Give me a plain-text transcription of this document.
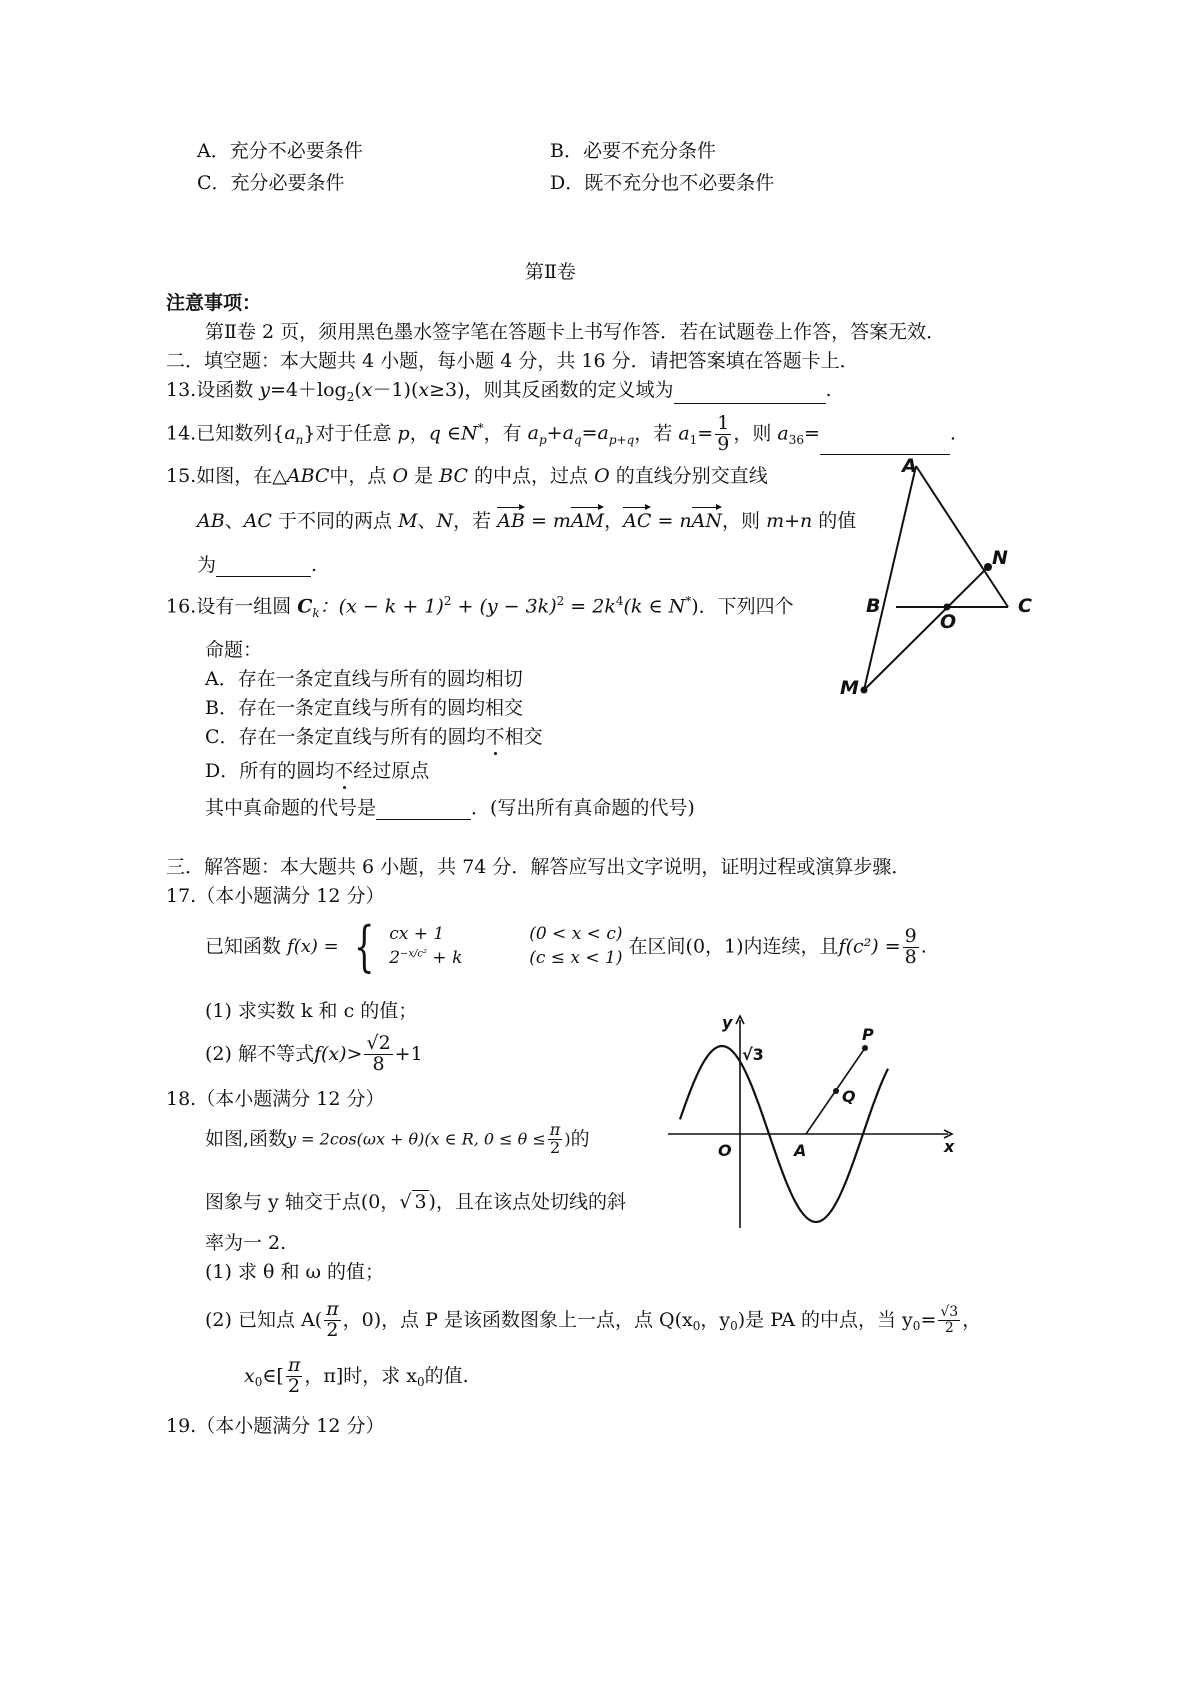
A．充分不必要条件	B．必要不充分条件
C．充分必要条件	D．既不充分也不必要条件
第Ⅱ卷
注意事项：
第Ⅱ卷 2 页，须用黑色墨水签字笔在答题卡上书写作答．若在试题卷上作答，答案无效．
二．填空题：本大题共 4 小题，每小题 4 分，共 16 分．请把答案填在答题卡上．
13.设函数 $y=4+\log_2(x-1)(x\ge 3)$，则其反函数的定义域为	.
14.已知数列$\{a_n\}$对于任意 p，q ∈N*，有 $a_p+a_q=a_{p+q}$，若 $a_1= \frac{1}{9}$ ，则 $a_{36}=$	.
15.如图，在△ABC中，点 O 是 BC 的中点，过点 O 的直线分别交直线
AB、AC 于不同的两点 M、N，若 AB = mAM，AC = nAN，则 m+n 的值
为	.
A
B	C
O
N
M
16.设有一组圆 $C_k$：$(x - k + 1)^2 + (y - 3k)^2 = 2k^4(k$ ∈ N*)．下列四个
命题：
A．存在一条定直线与所有的圆均相切
B．存在一条定直线与所有的圆均相交
C．存在一条定直线与所有的圆均不相交
D．所有的圆均不经过原点
其中真命题的代号是	．(写出所有真命题的代号)
三．解答题：本大题共 6 小题，共 74 分．解答应写出文字说明，证明过程或演算步骤．
17.（本小题满分 12 分）
已知函数 f(x) = { cx + 1	(0 < x < c)
$2^{-x/c^2} + k$	(c ≤ x < 1)
在区间(0，1)内连续，且$f(c^2) = \frac{9}{8}$ .
(1) 求实数 k 和 c 的值；
(2) 解不等式$f(x)> \frac{√2}{8} +1$
y
x
O	A
P
Q
√3
18.（本小题满分 12 分）
如图,函数y = 2cos(ωx + θ)(x ∈ R, $0 \le \theta \le \frac{\pi}{2}$ )的
图象与 y 轴交于点(0，√ 3 )，且在该点处切线的斜
率为一 2.
(1) 求 θ 和 ω 的值；
(2) 已知点 $A( \frac{\pi}{2}$ ，0)，点 P 是该函数图象上一点，点 $Q(x_0$，$y_0$)是 PA 的中点，当 $y_0= \frac{√3}{2}$ ，
$x_0\in[ \frac{\pi}{2}$ ，π]时，求 $x_0$的值.
19.（本小题满分 12 分）
